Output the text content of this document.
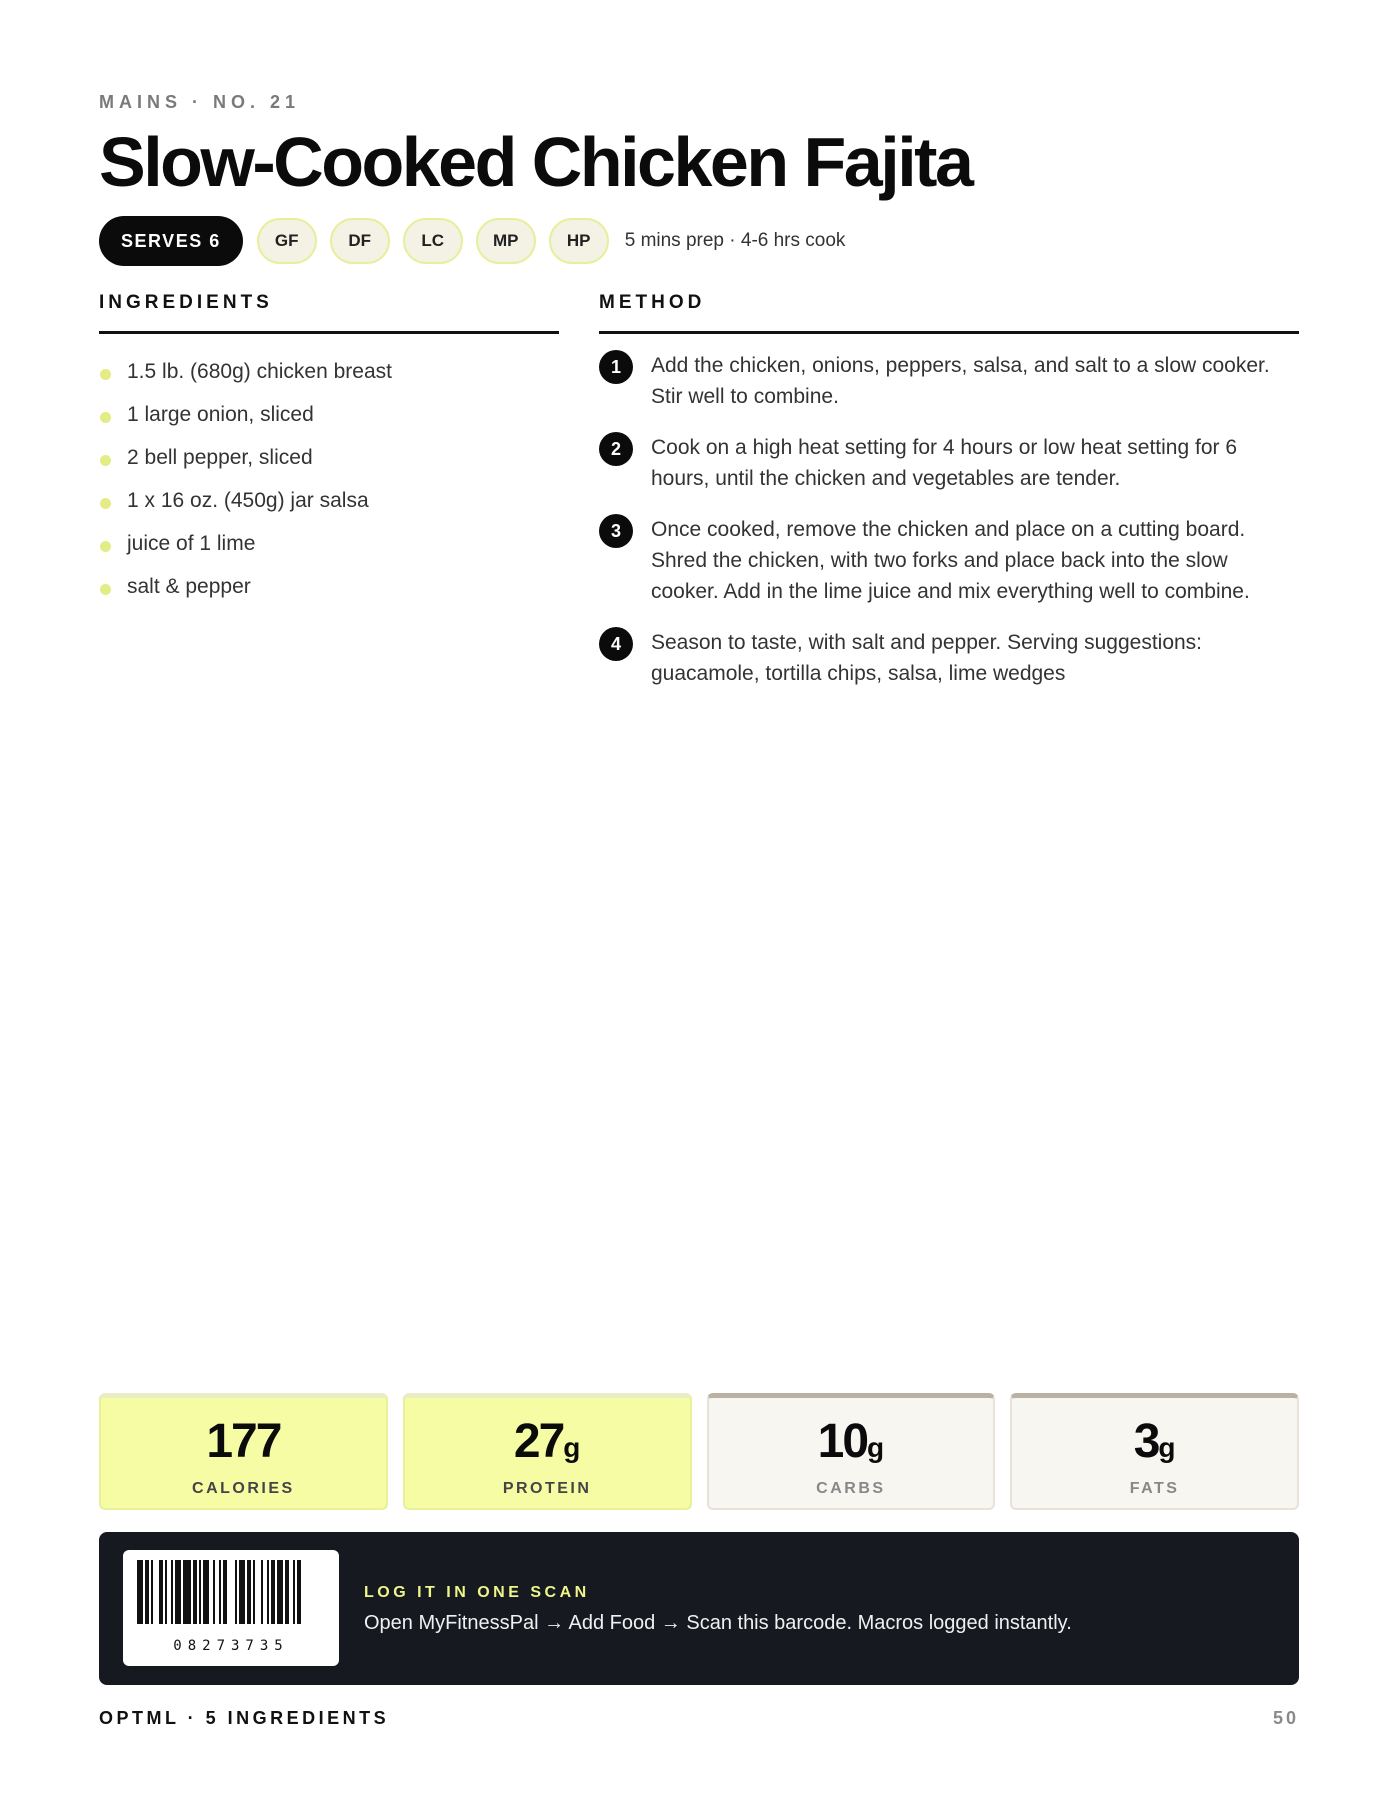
MAINS · NO. 21
Slow-Cooked Chicken Fajita
SERVES 6	GF	DF	LC	MP	HP	5 mins prep · 4-6 hrs cook
INGREDIENTS
1.5 lb. (680g) chicken breast
1 large onion, sliced
2 bell pepper, sliced
1 x 16 oz. (450g) jar salsa
juice of 1 lime
salt & pepper
METHOD
1	Add the chicken, onions, peppers, salsa, and salt to a slow cooker. Stir well to combine.
2	Cook on a high heat setting for 4 hours or low heat setting for 6 hours, until the chicken and vegetables are tender.
3	Once cooked, remove the chicken and place on a cutting board. Shred the chicken, with two forks and place back into the slow cooker. Add in the lime juice and mix everything well to combine.
4	Season to taste, with salt and pepper. Serving suggestions: guacamole, tortilla chips, salsa, lime wedges
177
CALORIES
27g
PROTEIN
10g
CARBS
3g
FATS
08273735
LOG IT IN ONE SCAN
Open MyFitnessPal → Add Food → Scan this barcode. Macros logged instantly.
OPTML · 5 INGREDIENTS	50
